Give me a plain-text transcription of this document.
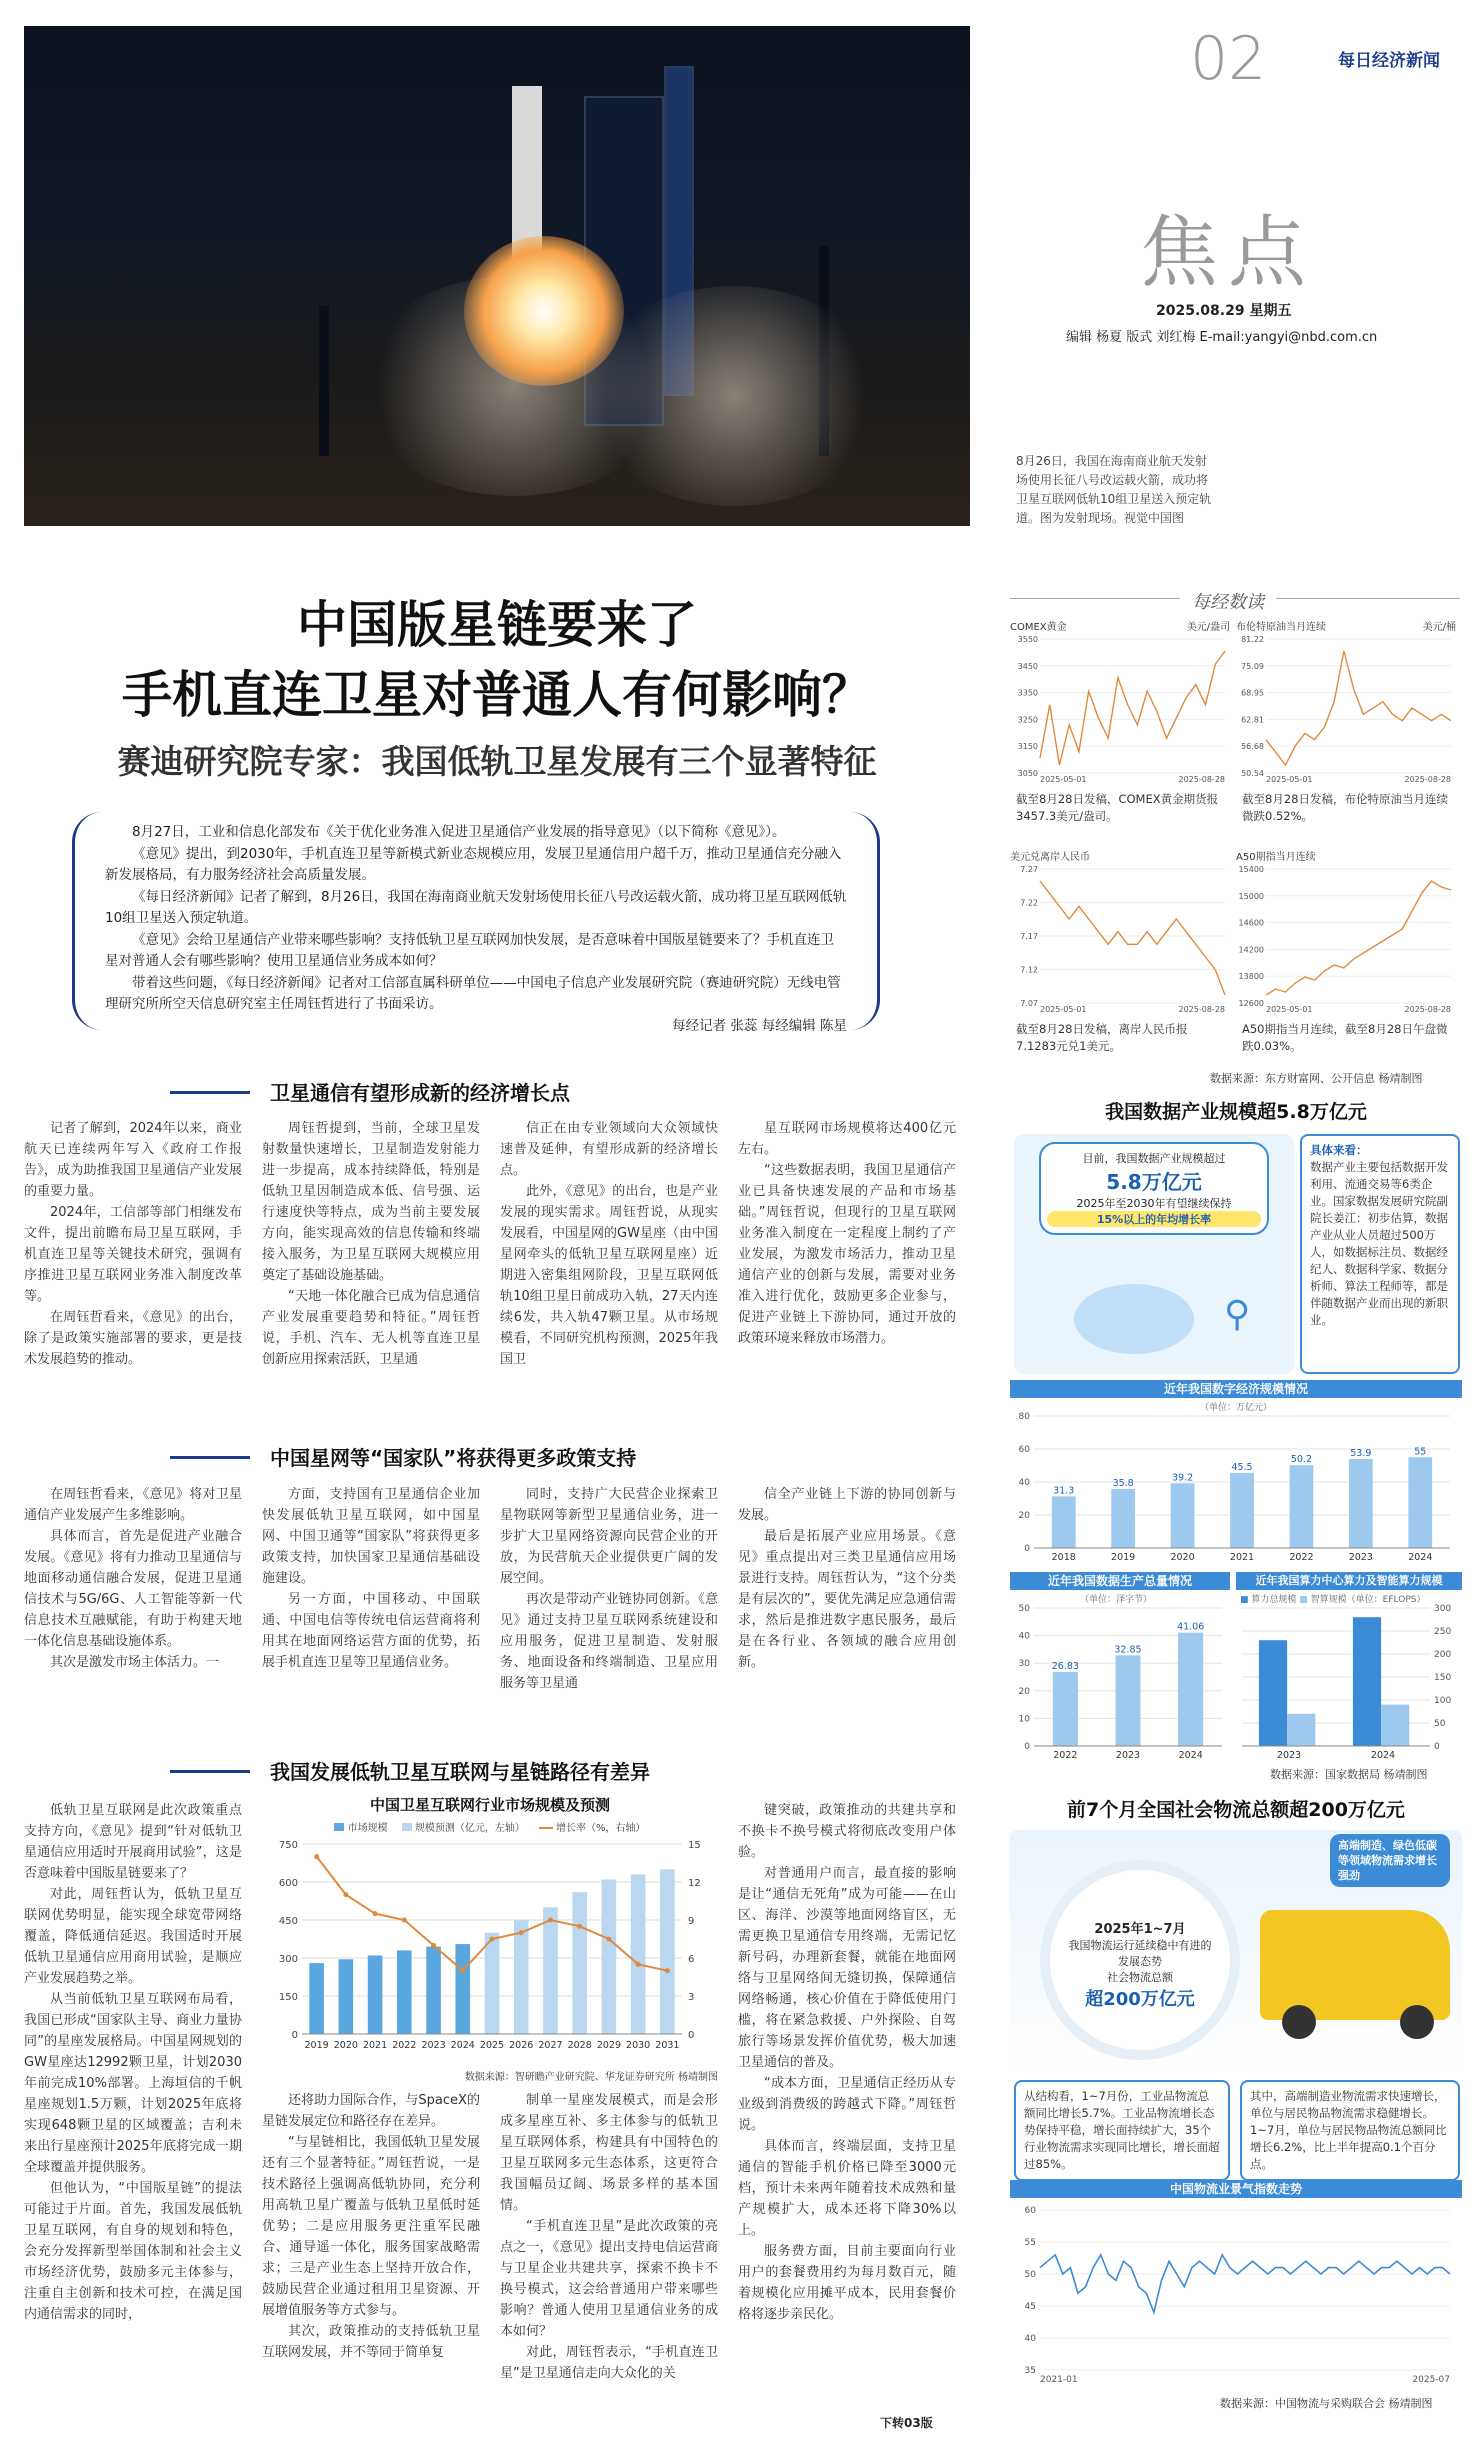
02	每日经济新闻
焦点
2025.08.29 星期五
编辑 杨夏 版式 刘红梅 E-mail:yangyi@nbd.com.cn
8月26日，我国在海南商业航天发射场使用长征八号改运载火箭，成功将卫星互联网低轨10组卫星送入预定轨道。图为发射现场。视觉中国图
中国版星链要来了
手机直连卫星对普通人有何影响？
赛迪研究院专家：我国低轨卫星发展有三个显著特征

8月27日，工业和信息化部发布《关于优化业务准入促进卫星通信产业发展的指导意见》（以下简称《意见》）。

《意见》提出，到2030年，手机直连卫星等新模式新业态规模应用，发展卫星通信用户超千万，推动卫星通信充分融入新发展格局，有力服务经济社会高质量发展。

《每日经济新闻》记者了解到，8月26日，我国在海南商业航天发射场使用长征八号改运载火箭，成功将卫星互联网低轨10组卫星送入预定轨道。

《意见》会给卫星通信产业带来哪些影响？支持低轨卫星互联网加快发展，是否意味着中国版星链要来了？手机直连卫星对普通人会有哪些影响？使用卫星通信业务成本如何？

带着这些问题，《每日经济新闻》记者对工信部直属科研单位——中国电子信息产业发展研究院（赛迪研究院）无线电管理研究所所空天信息研究室主任周钰哲进行了书面采访。

每经记者 张蕊 每经编辑 陈星
卫星通信有望形成新的经济增长点

记者了解到，2024年以来，商业航天已连续两年写入《政府工作报告》，成为助推我国卫星通信产业发展的重要力量。

2024年，工信部等部门相继发布文件，提出前瞻布局卫星互联网，手机直连卫星等关键技术研究，强调有序推进卫星互联网业务准入制度改革等。

在周钰哲看来，《意见》的出台，除了是政策实施部署的要求，更是技术发展趋势的推动。

周钰哲提到，当前，全球卫星发射数量快速增长，卫星制造发射能力进一步提高，成本持续降低，特别是低轨卫星因制造成本低、信号强、运行速度快等特点，成为当前主要发展方向，能实现高效的信息传输和终端接入服务，为卫星互联网大规模应用奠定了基础设施基础。

“天地一体化融合已成为信息通信产业发展重要趋势和特征。”周钰哲说，手机、汽车、无人机等直连卫星创新应用探索活跃，卫星通

信正在由专业领域向大众领域快速普及延伸，有望形成新的经济增长点。

此外，《意见》的出台，也是产业发展的现实需求。周钰哲说，从现实发展看，中国星网的GW星座（由中国星网牵头的低轨卫星互联网星座）近期进入密集组网阶段，卫星互联网低轨10组卫星日前成功入轨，27天内连续6发，共入轨47颗卫星。从市场规模看，不同研究机构预测，2025年我国卫

星互联网市场规模将达400亿元左右。

“这些数据表明，我国卫星通信产业已具备快速发展的产品和市场基础。”周钰哲说，但现行的卫星互联网业务准入制度在一定程度上制约了产业发展，为激发市场活力，推动卫星通信产业的创新与发展，需要对业务准入进行优化，鼓励更多企业参与，促进产业链上下游协同，通过开放的政策环境来释放市场潜力。

中国星网等“国家队”将获得更多政策支持

在周钰哲看来，《意见》将对卫星通信产业发展产生多维影响。

具体而言，首先是促进产业融合发展。《意见》将有力推动卫星通信与地面移动通信融合发展，促进卫星通信技术与5G/6G、人工智能等新一代信息技术互融赋能，有助于构建天地一体化信息基础设施体系。

其次是激发市场主体活力。一

方面，支持国有卫星通信企业加快发展低轨卫星互联网，如中国星网、中国卫通等“国家队”将获得更多政策支持，加快国家卫星通信基础设施建设。

另一方面，中国移动、中国联通、中国电信等传统电信运营商将利用其在地面网络运营方面的优势，拓展手机直连卫星等卫星通信业务。

同时，支持广大民营企业探索卫星物联网等新型卫星通信业务，进一步扩大卫星网络资源向民营企业的开放，为民营航天企业提供更广阔的发展空间。

再次是带动产业链协同创新。《意见》通过支持卫星互联网系统建设和应用服务，促进卫星制造、发射服务、地面设备和终端制造、卫星应用服务等卫星通

信全产业链上下游的协同创新与发展。

最后是拓展产业应用场景。《意见》重点提出对三类卫星通信应用场景进行支持。周钰哲认为，“这个分类是有层次的”，要优先满足应急通信需求，然后是推进数字惠民服务，最后是在各行业、各领域的融合应用创新。

我国发展低轨卫星互联网与星链路径有差异

低轨卫星互联网是此次政策重点支持方向，《意见》提到“针对低轨卫星通信应用适时开展商用试验”，这是否意味着中国版星链要来了？

对此，周钰哲认为，低轨卫星互联网优势明显，能实现全球宽带网络覆盖，降低通信延迟。我国适时开展低轨卫星通信应用商用试验，是顺应产业发展趋势之举。

从当前低轨卫星互联网布局看，我国已形成“国家队主导、商业力量协同”的星座发展格局。中国星网规划的GW星座达12992颗卫星，计划2030年前完成10%部署。上海垣信的千帆星座规划1.5万颗，计划2025年底将实现648颗卫星的区域覆盖；吉利未来出行星座预计2025年底将完成一期全球覆盖并提供服务。

但他认为，“中国版星链”的提法可能过于片面。首先，我国发展低轨卫星互联网，有自身的规划和特色，会充分发挥新型举国体制和社会主义市场经济优势，鼓励多元主体参与，注重自主创新和技术可控，在满足国内通信需求的同时，

中国卫星互联网行业市场规模及预测
市场规模	规模预测（亿元，左轴）	增长率（%，右轴）
0
150
300
450
600
750
0
3
6
9
12
15
2019 2020 2021 2022 2023 2024 2025 2026 2027 2028 2029 2030 2031
数据来源：智研瞻产业研究院、华龙证券研究所 杨靖制图

还将助力国际合作，与SpaceX的星链发展定位和路径存在差异。

“与星链相比，我国低轨卫星发展还有三个显著特征。”周钰哲说，一是技术路径上强调高低轨协同，充分利用高轨卫星广覆盖与低轨卫星低时延优势；二是应用服务更注重军民融合、通导遥一体化，服务国家战略需求；三是产业生态上坚持开放合作，鼓励民营企业通过租用卫星资源、开展增值服务等方式参与。

其次，政策推动的支持低轨卫星互联网发展，并不等同于简单复

制单一星座发展模式，而是会形成多星座互补、多主体参与的低轨卫星互联网体系，构建具有中国特色的卫星互联网多元生态体系，这更符合我国幅员辽阔、场景多样的基本国情。

“手机直连卫星”是此次政策的亮点之一，《意见》提出支持电信运营商与卫星企业共建共享，探索不换卡不换号模式，这会给普通用户带来哪些影响？普通人使用卫星通信业务的成本如何？

对此，周钰哲表示，“手机直连卫星”是卫星通信走向大众化的关

键突破，政策推动的共建共享和不换卡不换号模式将彻底改变用户体验。

对普通用户而言，最直接的影响是让“通信无死角”成为可能——在山区、海洋、沙漠等地面网络盲区，无需更换卫星通信专用终端，无需记忆新号码，办理新套餐，就能在地面网络与卫星网络间无缝切换，保障通信网络畅通，核心价值在于降低使用门槛，将在紧急救援、户外探险、自驾旅行等场景发挥价值优势，极大加速卫星通信的普及。

“成本方面，卫星通信正经历从专业级到消费级的跨越式下降。”周钰哲说。

具体而言，终端层面，支持卫星通信的智能手机价格已降至3000元档，预计未来两年随着技术成熟和量产规模扩大，成本还将下降30%以上。

服务费方面，目前主要面向行业用户的套餐费用约为每月数百元，随着规模化应用摊平成本，民用套餐价格将逐步亲民化。

下转03版
每经数读
COMEX黄金	美元/盎司
3550
3450
3350
3250
3150
3050
2025-05-01	2025-08-28
截至8月28日发稿，COMEX黄金期货报3457.3美元/盎司。
布伦特原油当月连续	美元/桶
81.22
75.09
68.95
62.81
56.68
50.54
2025-05-01	2025-08-28
截至8月28日发稿，布伦特原油当月连续微跌0.52%。
美元兑离岸人民币
7.27
7.22
7.17
7.12
7.07
2025-05-01	2025-08-28
截至8月28日发稿，离岸人民币报7.1283元兑1美元。
A50期指当月连续
15400
15000
14600
14200
13800
12600
2025-05-01	2025-08-28
A50期指当月连续，截至8月28日午盘微跌0.03%。
数据来源：东方财富网、公开信息 杨靖制图
我国数据产业规模超5.8万亿元
目前，我国数据产业规模超过
5.8万亿元
2025年至2030年有望继续保持
15%以上的年均增长率
⚲
具体来看：
数据产业主要包括数据开发利用、流通交易等6类企业。国家数据发展研究院副院长姜江：初步估算，数据产业从业人员超过500万人，如数据标注员、数据经纪人、数据科学家、数据分析师、算法工程师等，都是伴随数据产业而出现的新职业。
近年我国数字经济规模情况
（单位：万亿元）
0
20
40
60
80
31.3
2018
35.8
2019
39.2
2020
45.5
2021
50.2
2022
53.9
2023
55
2024
近年我国数据生产总量情况
（单位：泽字节）
0
10
20
30
40
50
26.83
2022
32.85
2023
41.06
2024
近年我国算力中心算力及智能算力规模
■ 算力总规模 ■ 智算规模（单位：EFLOPS）
0
50
100
150
200
250
300
2023	2024
数据来源：国家数据局 杨靖制图
前7个月全国社会物流总额超200万亿元
2025年1~7月
我国物流运行延续稳中有进的发展态势
社会物流总额
超200万亿元
高端制造、绿色低碳等领域物流需求增长强劲
从结构看，1~7月份，工业品物流总额同比增长5.7%。工业品物流增长态势保持平稳，增长面持续扩大，35个行业物流需求实现同比增长，增长面超过85%。
其中，高端制造业物流需求快速增长，单位与居民物品物流需求稳健增长。1~7月，单位与居民物品物流总额同比增长6.2%，比上半年提高0.1个百分点。
中国物流业景气指数走势
60
55
50
45
40
35
2021-01	2025-07
数据来源：中国物流与采购联合会 杨靖制图
